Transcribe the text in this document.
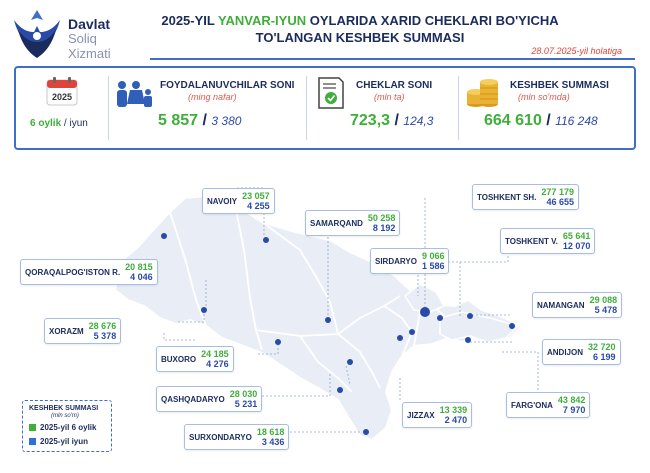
Davlat
Soliq
Xizmati
2025-YIL YANVAR-IYUN OYLARIDA XARID CHEKLARI BO'YICHA
TO'LANGAN KESHBEK SUMMASI
28.07.2025-yil holatiga
2025
6 oylik / iyun
FOYDALANUVCHILAR SONI
(ming nafar)
5 857 / 3 380
CHEKLAR SONI
(mln ta)
723,3 / 124,3
KESHBEK SUMMASI
(mln so'mda)
664 610 / 116 248
NAVOIY 23 057
4 255
SAMARQAND 50 258
8 192
TOSHKENT SH. 277 179
46 655
TOSHKENT V. 65 641
12 070
SIRDARYO 9 066
1 586
QORAQALPOG'ISTON R. 20 815
4 046
NAMANGAN 29 088
5 478
XORAZM 28 676
5 378
ANDIJON 32 720
6 199
BUXORO 24 185
4 276
QASHQADARYO 28 030
5 231	FARG'ONA 43 842
7 970
JIZZAX 13 339
2 470
SURXONDARYO 18 618
3 436
KESHBEK SUMMASI
(mln so'm)
2025-yil 6 oylik
2025-yil iyun
